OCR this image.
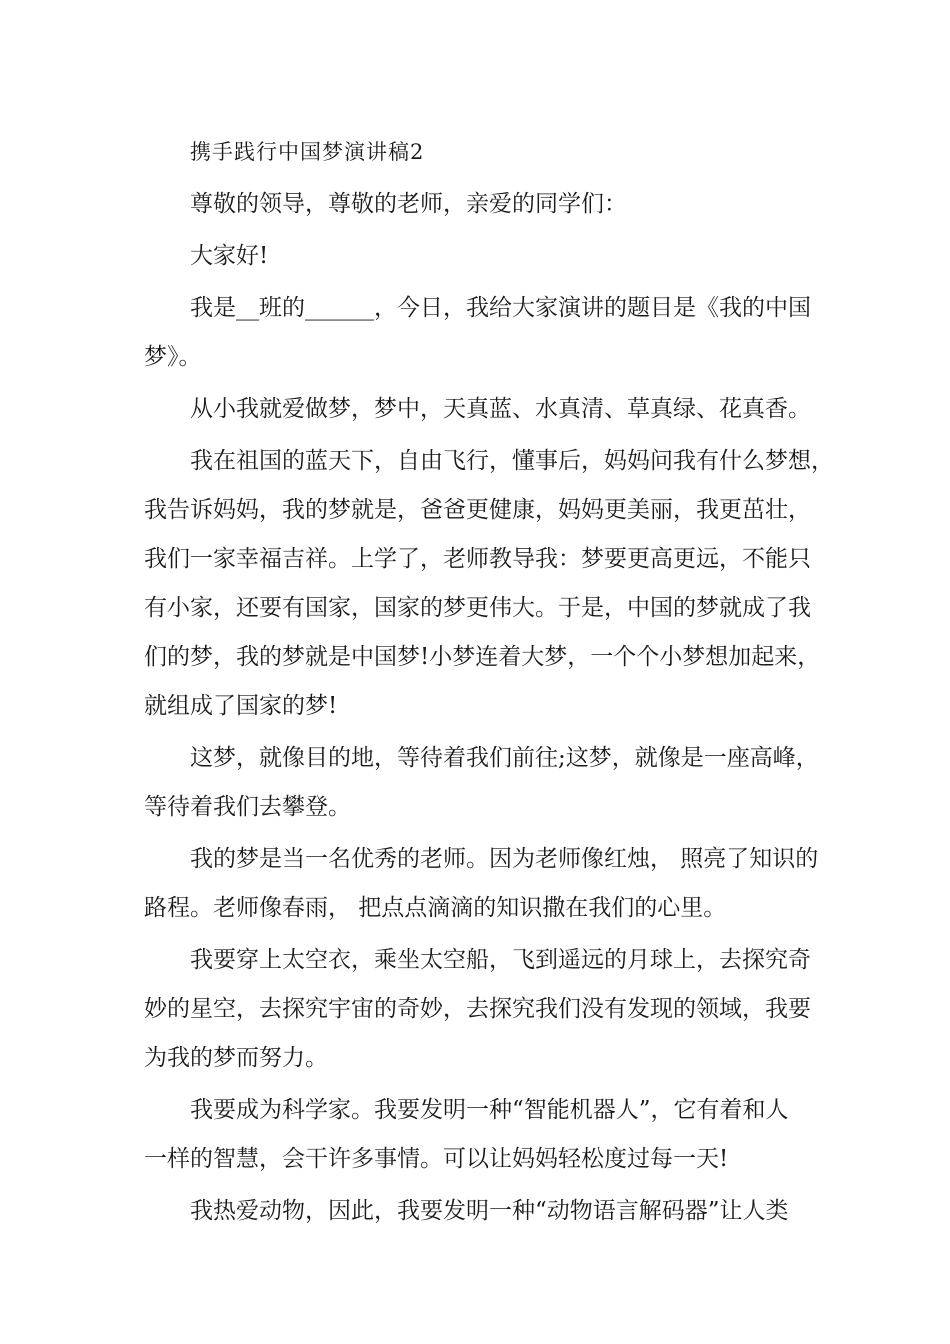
携手践行中国梦演讲稿2

尊敬的领导，尊敬的老师，亲爱的同学们：

大家好!

我是__班的______，今日，我给大家演讲的题目是《我的中国
梦》。

从小我就爱做梦，梦中，天真蓝、水真清、草真绿、花真香。

我在祖国的蓝天下，自由飞行，懂事后，妈妈问我有什么梦想，
我告诉妈妈，我的梦就是，爸爸更健康，妈妈更美丽，我更茁壮，
我们一家幸福吉祥。上学了，老师教导我：梦要更高更远，不能只
有小家，还要有国家，国家的梦更伟大。于是，中国的梦就成了我
们的梦，我的梦就是中国梦!小梦连着大梦，一个个小梦想加起来，
就组成了国家的梦!

这梦，就像目的地，等待着我们前往;这梦，就像是一座高峰，
等待着我们去攀登。

我的梦是当一名优秀的老师。因为老师像红烛， 照亮了知识的
路程。老师像春雨， 把点点滴滴的知识撒在我们的心里。

我要穿上太空衣，乘坐太空船，飞到遥远的月球上，去探究奇
妙的星空，去探究宇宙的奇妙，去探究我们没有发现的领域，我要
为我的梦而努力。

我要成为科学家。我要发明一种“智能机器人”，它有着和人
一样的智慧，会干许多事情。可以让妈妈轻松度过每一天!

我热爱动物，因此，我要发明一种“动物语言解码器”让人类
